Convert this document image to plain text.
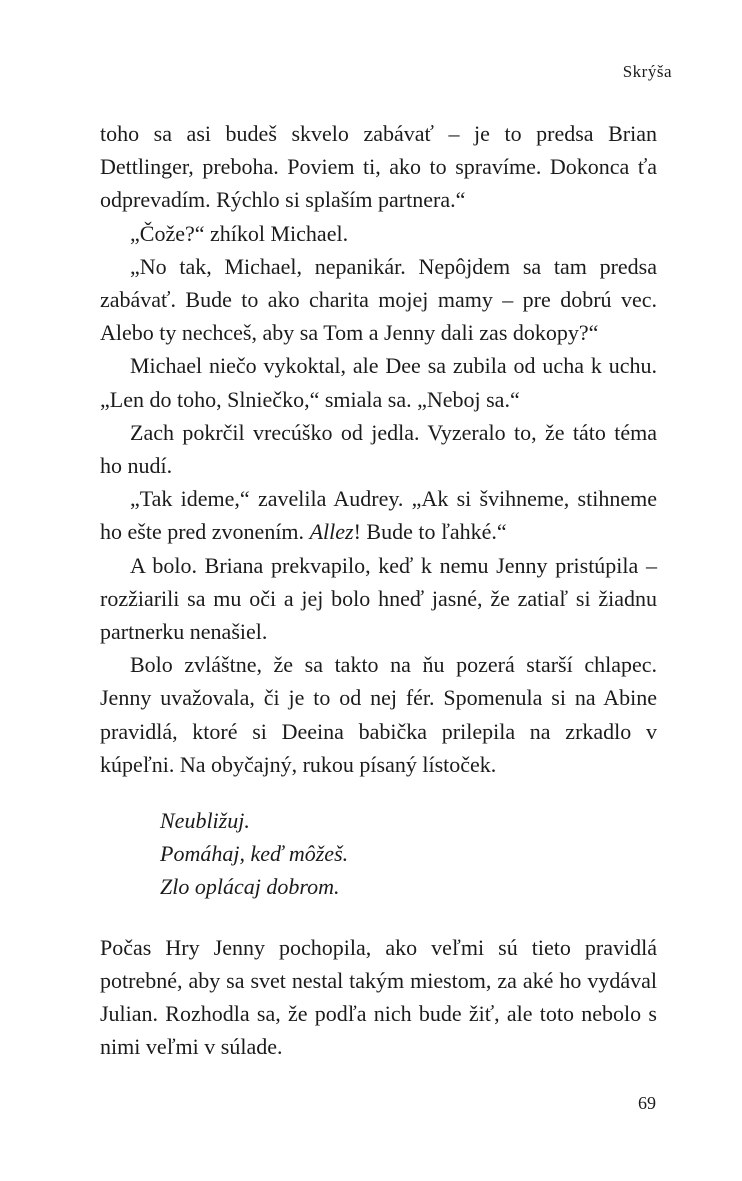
Skrýša

toho sa asi budeš skvelo zabávať – je to predsa Brian Dettlinger, preboha. Poviem ti, ako to spravíme. Dokonca ťa odprevadím. Rýchlo si splaším partnera.“

„Čože?“ zhíkol Michael.

„No tak, Michael, nepanikár. Nepôjdem sa tam predsa zabávať. Bude to ako charita mojej mamy – pre dobrú vec. Alebo ty nechceš, aby sa Tom a Jenny dali zas dokopy?“

Michael niečo vykoktal, ale Dee sa zubila od ucha k uchu. „Len do toho, Slniečko,“ smiala sa. „Neboj sa.“

Zach pokrčil vrecúško od jedla. Vyzeralo to, že táto téma ho nudí.

„Tak ideme,“ zavelila Audrey. „Ak si švihneme, stihneme ho ešte pred zvonením. Allez! Bude to ľahké.“

A bolo. Briana prekvapilo, keď k nemu Jenny pristúpila – rozžiarili sa mu oči a jej bolo hneď jasné, že zatiaľ si žiadnu partnerku nenašiel.

Bolo zvláštne, že sa takto na ňu pozerá starší chlapec. Jenny uvažovala, či je to od nej fér. Spomenula si na Abine pravidlá, ktoré si Deeina babička prilepila na zrkadlo v kúpeľni. Na obyčajný, rukou písaný lístoček.

Neubližuj.
Pomáhaj, keď môžeš.
Zlo oplácaj dobrom.

Počas Hry Jenny pochopila, ako veľmi sú tieto pravidlá potrebné, aby sa svet nestal takým miestom, za aké ho vydával Julian. Rozhodla sa, že podľa nich bude žiť, ale toto nebolo s nimi veľmi v súlade.

69
